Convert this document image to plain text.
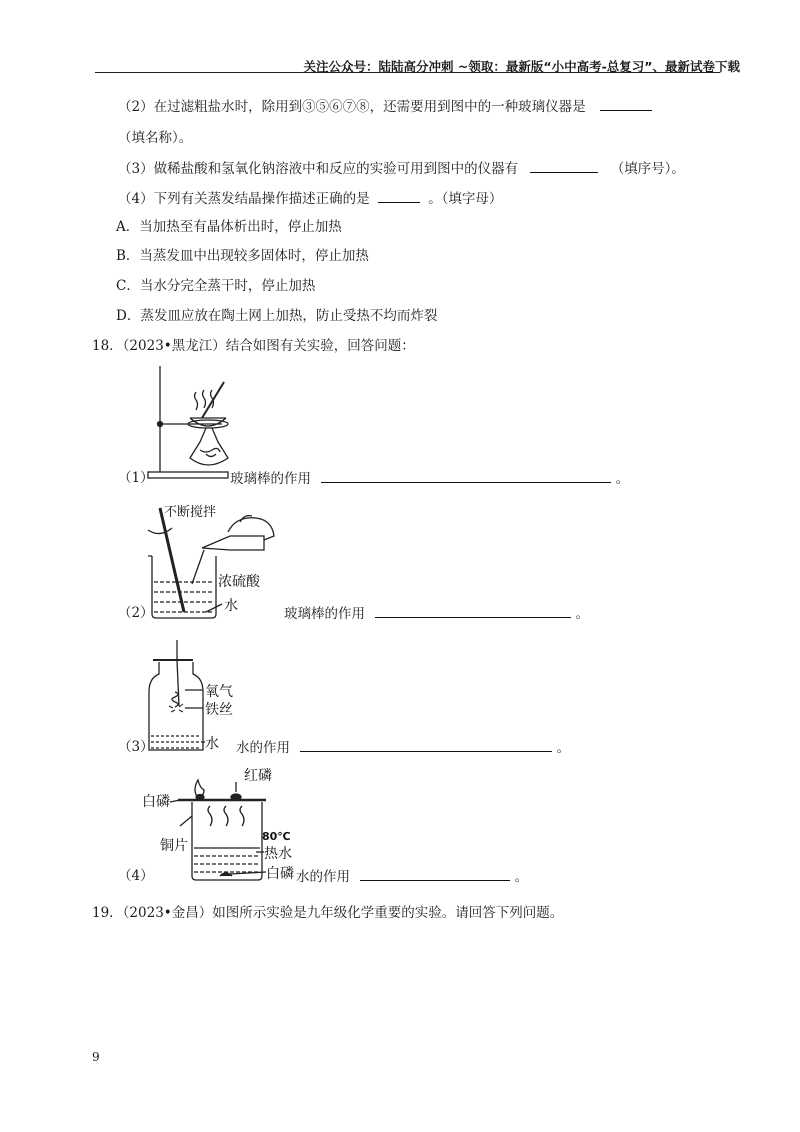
关注公众号：陆陆高分冲刺 ~领取：最新版“小中高考-总复习”、最新试卷下载
（2）在过滤粗盐水时，除用到③⑤⑥⑦⑧，还需要用到图中的一种玻璃仪器是
（填名称）。
（3）做稀盐酸和氢氧化钠溶液中和反应的实验可用到图中的仪器有	（填序号）。
（4）下列有关蒸发结晶操作描述正确的是	。（填字母）
A．当加热至有晶体析出时，停止加热
B．当蒸发皿中出现较多固体时，停止加热
C．当水分完全蒸干时，停止加热
D．蒸发皿应放在陶土网上加热，防止受热不均而炸裂
18．（2023•黑龙江）结合如图有关实验，回答问题：
（1）	玻璃棒的作用	。
不断搅拌
浓硫酸
水
（2）	玻璃棒的作用	。
氧气
铁丝
水
（3）	水的作用	。
红磷
白磷
铜片
80℃
热水
白磷
（4）	水的作用	。
19．（2023•金昌）如图所示实验是九年级化学重要的实验。请回答下列问题。
9
